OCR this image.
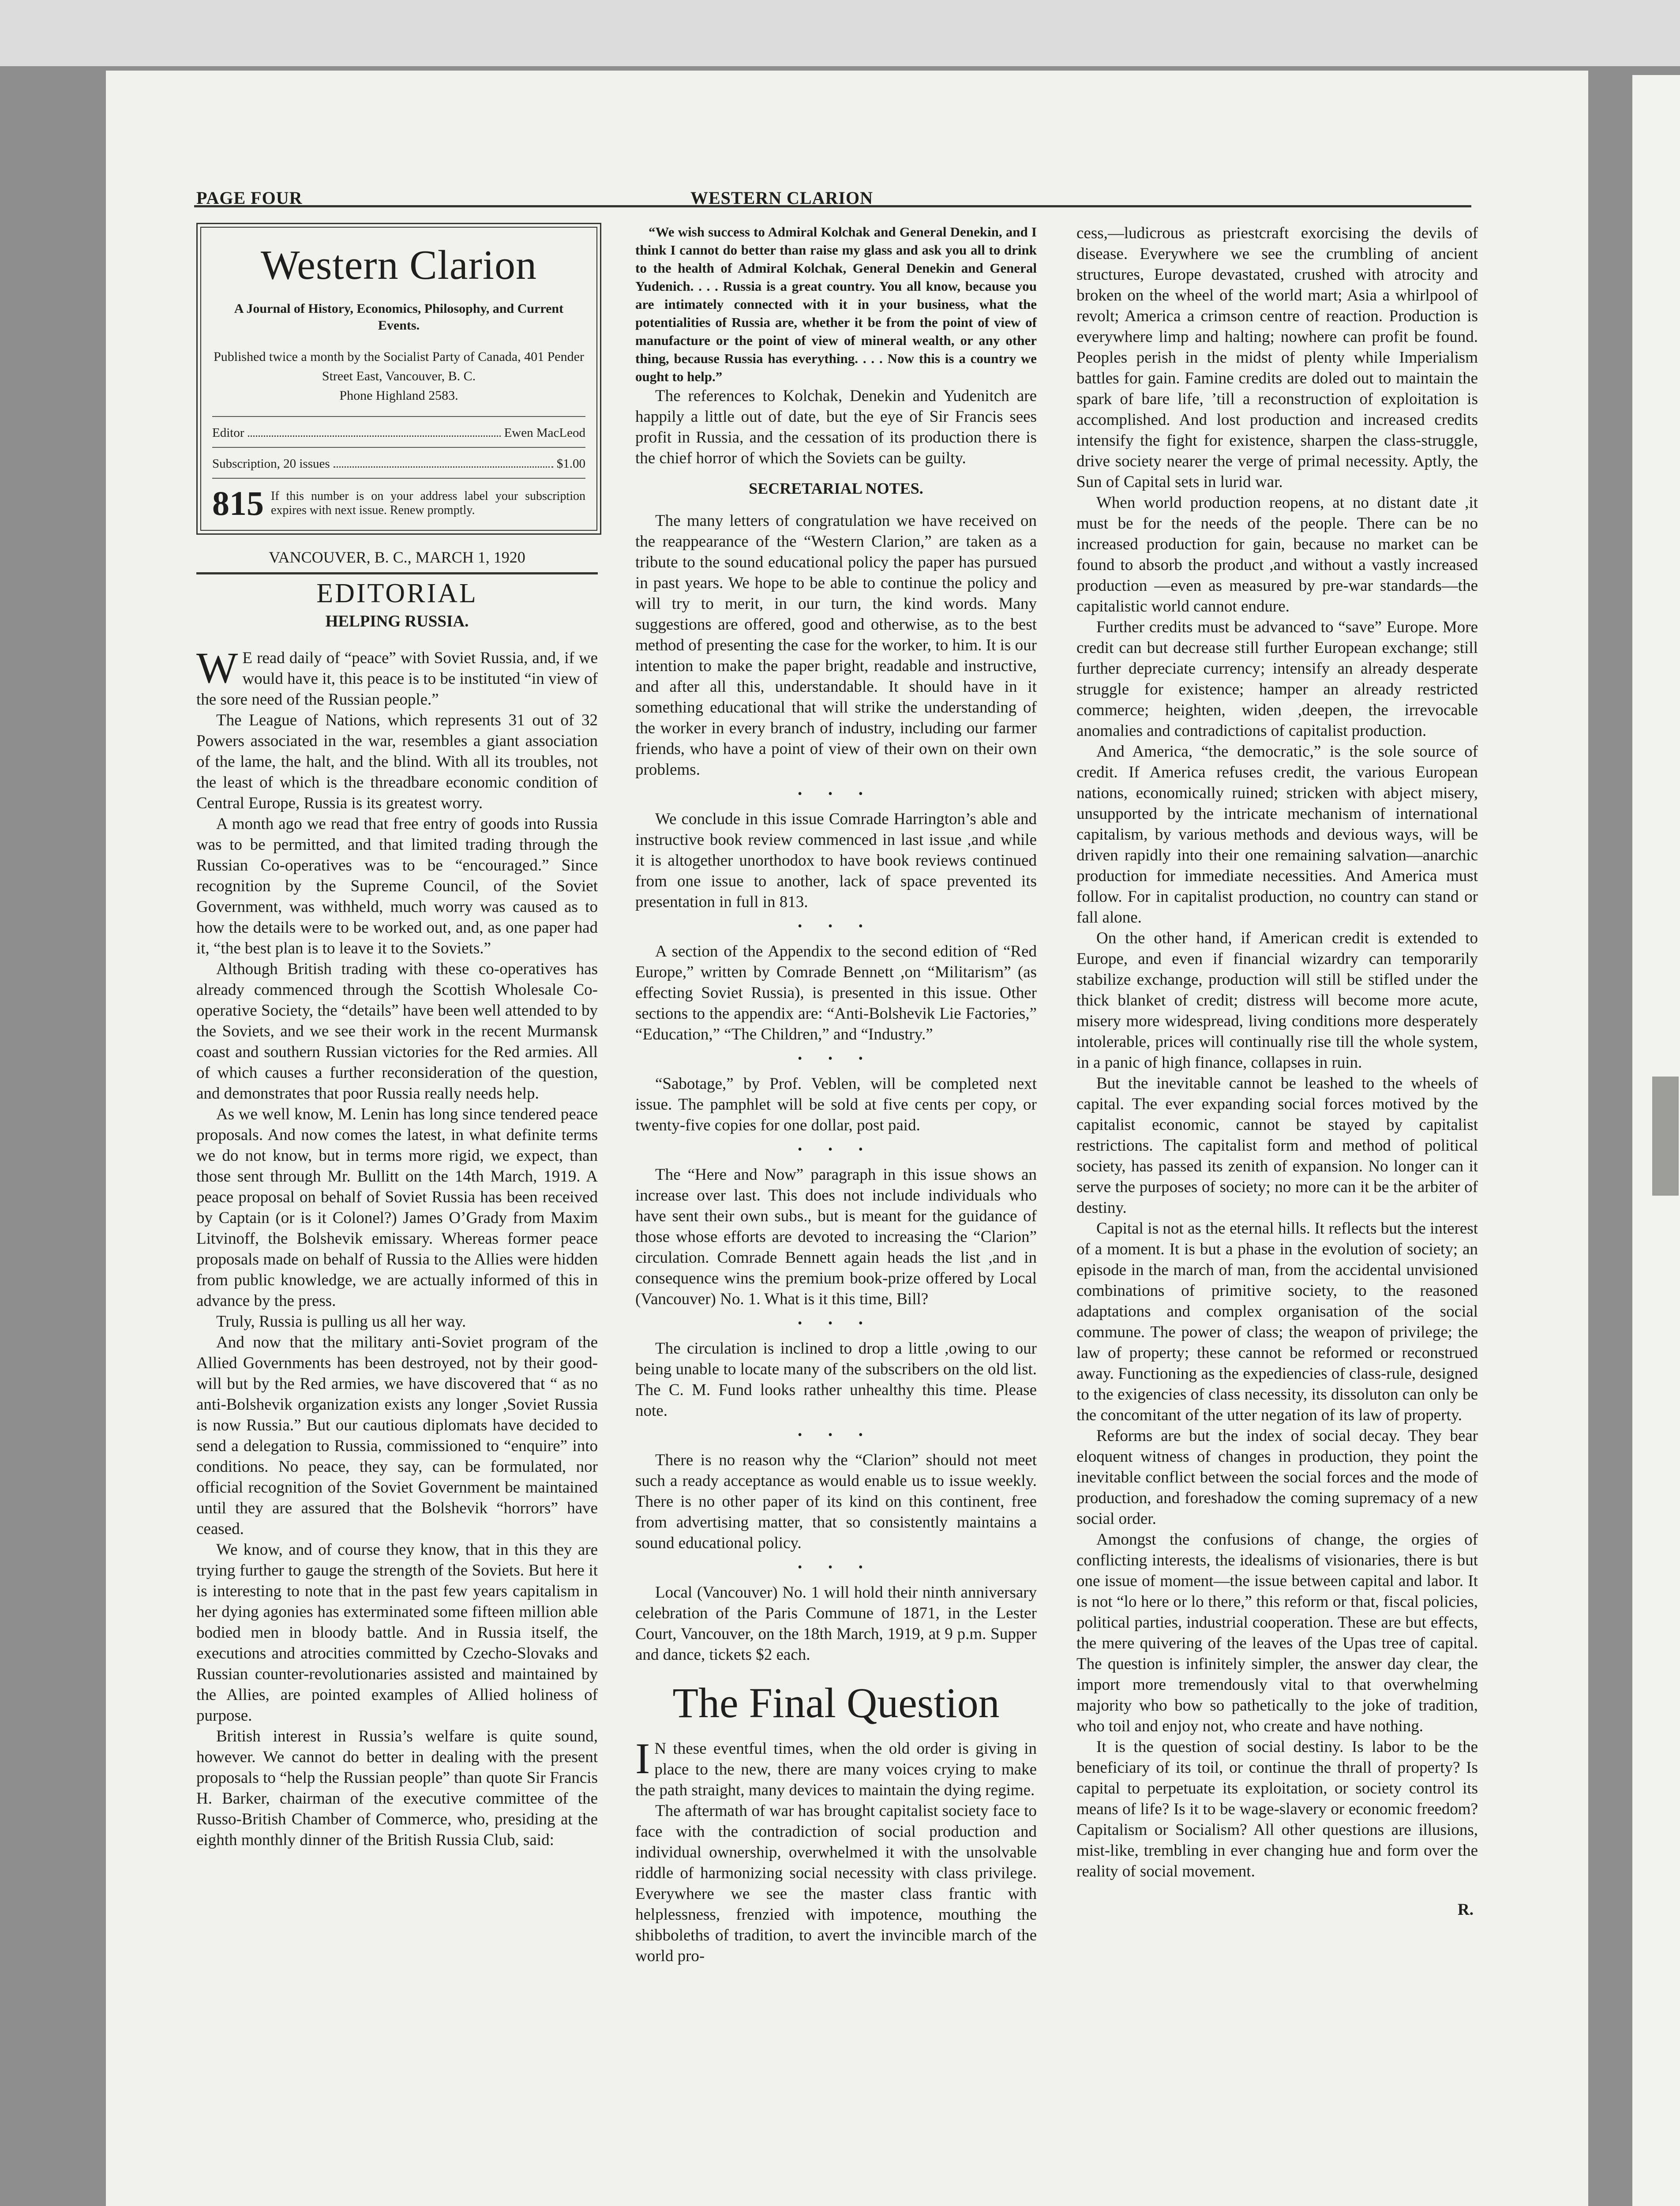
PAGE FOUR	WESTERN CLARION
Western Clarion
A Journal of History, Economics, Philosophy, and Current Events.
Published twice a month by the Socialist Party of Canada, 401 Pender Street East, Vancouver, B. C.
Phone Highland 2583.
Editor	Ewen MacLeod
Subscription, 20 issues	$1.00
815 If this number is on your address label your subscription expires with next issue. Renew promptly.
VANCOUVER, B. C., MARCH 1, 1920
EDITORIAL
HELPING RUSSIA.

W E read daily of “peace” with Soviet Russia, and, if we would have it, this peace is to be instituted “in view of the sore need of the Russian people.”

The League of Nations, which represents 31 out of 32 Powers associated in the war, resembles a giant association of the lame, the halt, and the blind. With all its troubles, not the least of which is the threadbare economic condition of Central Europe, Russia is its greatest worry.

A month ago we read that free entry of goods into Russia was to be permitted, and that limited trading through the Russian Co-operatives was to be “encouraged.” Since recognition by the Supreme Council, of the Soviet Government, was withheld, much worry was caused as to how the details were to be worked out, and, as one paper had it, “the best plan is to leave it to the Soviets.”

Although British trading with these co-operatives has already commenced through the Scottish Wholesale Co-operative Society, the “details” have been well attended to by the Soviets, and we see their work in the recent Murmansk coast and southern Russian victories for the Red armies. All of which causes a further reconsideration of the question, and demonstrates that poor Russia really needs help.

As we well know, M. Lenin has long since tendered peace proposals. And now comes the latest, in what definite terms we do not know, but in terms more rigid, we expect, than those sent through Mr. Bullitt on the 14th March, 1919. A peace proposal on behalf of Soviet Russia has been received by Captain (or is it Colonel?) James O’Grady from Maxim Litvinoff, the Bolshevik emissary. Whereas former peace proposals made on behalf of Russia to the Allies were hidden from public knowledge, we are actually informed of this in advance by the press.

Truly, Russia is pulling us all her way.

And now that the military anti-Soviet program of the Allied Governments has been destroyed, not by their good-will but by the Red armies, we have discovered that “ as no anti-Bolshevik organization exists any longer ,Soviet Russia is now Russia.” But our cautious diplomats have decided to send a delegation to Russia, commissioned to “enquire” into conditions. No peace, they say, can be formulated, nor official recognition of the Soviet Government be maintained until they are assured that the Bolshevik “horrors” have ceased.

We know, and of course they know, that in this they are trying further to gauge the strength of the Soviets. But here it is interesting to note that in the past few years capitalism in her dying agonies has exterminated some fifteen million able bodied men in bloody battle. And in Russia itself, the executions and atrocities committed by Czecho-Slovaks and Russian counter-revolutionaries assisted and maintained by the Allies, are pointed examples of Allied holiness of purpose.

British interest in Russia’s welfare is quite sound, however. We cannot do better in dealing with the present proposals to “help the Russian people” than quote Sir Francis H. Barker, chairman of the executive committee of the Russo-British Chamber of Commerce, who, presiding at the eighth monthly dinner of the British Russia Club, said:

“We wish success to Admiral Kolchak and General Denekin, and I think I cannot do better than raise my glass and ask you all to drink to the health of Admiral Kolchak, General Denekin and General Yudenich. . . . Russia is a great country. You all know, because you are intimately connected with it in your business, what the potentialities of Russia are, whether it be from the point of view of manufacture or the point of view of mineral wealth, or any other thing, because Russia has everything. . . . Now this is a country we ought to help.”

The references to Kolchak, Denekin and Yudenitch are happily a little out of date, but the eye of Sir Francis sees profit in Russia, and the cessation of its production there is the chief horror of which the Soviets can be guilty.

SECRETARIAL NOTES.

The many letters of congratulation we have received on the reappearance of the “Western Clarion,” are taken as a tribute to the sound educational policy the paper has pursued in past years. We hope to be able to continue the policy and will try to merit, in our turn, the kind words. Many suggestions are offered, good and otherwise, as to the best method of presenting the case for the worker, to him. It is our intention to make the paper bright, readable and instructive, and after all this, understandable. It should have in it something educational that will strike the understanding of the worker in every branch of industry, including our farmer friends, who have a point of view of their own on their own problems.

• • •

We conclude in this issue Comrade Harrington’s able and instructive book review commenced in last issue ,and while it is altogether unorthodox to have book reviews continued from one issue to another, lack of space prevented its presentation in full in 813.

• • •

A section of the Appendix to the second edition of “Red Europe,” written by Comrade Bennett ,on “Militarism” (as effecting Soviet Russia), is presented in this issue. Other sections to the appendix are: “Anti-Bolshevik Lie Factories,” “Education,” “The Children,” and “Industry.”

• • •

“Sabotage,” by Prof. Veblen, will be completed next issue. The pamphlet will be sold at five cents per copy, or twenty-five copies for one dollar, post paid.

• • •

The “Here and Now” paragraph in this issue shows an increase over last. This does not include individuals who have sent their own subs., but is meant for the guidance of those whose efforts are devoted to increasing the “Clarion” circulation. Comrade Bennett again heads the list ,and in consequence wins the premium book-prize offered by Local (Vancouver) No. 1. What is it this time, Bill?

• • •

The circulation is inclined to drop a little ,owing to our being unable to locate many of the subscribers on the old list. The C. M. Fund looks rather unhealthy this time. Please note.

• • •

There is no reason why the “Clarion” should not meet such a ready acceptance as would enable us to issue weekly. There is no other paper of its kind on this continent, free from advertising matter, that so consistently maintains a sound educational policy.

• • •

Local (Vancouver) No. 1 will hold their ninth anniversary celebration of the Paris Commune of 1871, in the Lester Court, Vancouver, on the 18th March, 1919, at 9 p.m. Supper and dance, tickets $2 each.

The Final Question

I N these eventful times, when the old order is giving in place to the new, there are many voices crying to make the path straight, many devices to maintain the dying regime.

The aftermath of war has brought capitalist society face to face with the contradiction of social production and individual ownership, overwhelmed it with the unsolvable riddle of harmonizing social necessity with class privilege. Everywhere we see the master class frantic with helplessness, frenzied with impotence, mouthing the shibboleths of tradition, to avert the invincible march of the world pro-

cess,—ludicrous as priestcraft exorcising the devils of disease. Everywhere we see the crumbling of ancient structures, Europe devastated, crushed with atrocity and broken on the wheel of the world mart; Asia a whirlpool of revolt; America a crimson centre of reaction. Production is everywhere limp and halting; nowhere can profit be found. Peoples perish in the midst of plenty while Imperialism battles for gain. Famine credits are doled out to maintain the spark of bare life, ’till a reconstruction of exploitation is accomplished. And lost production and increased credits intensify the fight for existence, sharpen the class-struggle, drive society nearer the verge of primal necessity. Aptly, the Sun of Capital sets in lurid war.

When world production reopens, at no distant date ,it must be for the needs of the people. There can be no increased production for gain, because no market can be found to absorb the product ,and without a vastly increased production —even as measured by pre-war standards—the capitalistic world cannot endure.

Further credits must be advanced to “save” Europe. More credit can but decrease still further European exchange; still further depreciate currency; intensify an already desperate struggle for existence; hamper an already restricted commerce; heighten, widen ,deepen, the irrevocable anomalies and contradictions of capitalist production.

And America, “the democratic,” is the sole source of credit. If America refuses credit, the various European nations, economically ruined; stricken with abject misery, unsupported by the intricate mechanism of international capitalism, by various methods and devious ways, will be driven rapidly into their one remaining salvation—anarchic production for immediate necessities. And America must follow. For in capitalist production, no country can stand or fall alone.

On the other hand, if American credit is extended to Europe, and even if financial wizardry can temporarily stabilize exchange, production will still be stifled under the thick blanket of credit; distress will become more acute, misery more widespread, living conditions more desperately intolerable, prices will continually rise till the whole system, in a panic of high finance, collapses in ruin.

But the inevitable cannot be leashed to the wheels of capital. The ever expanding social forces motived by the capitalist economic, cannot be stayed by capitalist restrictions. The capitalist form and method of political society, has passed its zenith of expansion. No longer can it serve the purposes of society; no more can it be the arbiter of destiny.

Capital is not as the eternal hills. It reflects but the interest of a moment. It is but a phase in the evolution of society; an episode in the march of man, from the accidental unvisioned combinations of primitive society, to the reasoned adaptations and complex organisation of the social commune. The power of class; the weapon of privilege; the law of property; these cannot be reformed or reconstrued away. Functioning as the expediencies of class-rule, designed to the exigencies of class necessity, its dissoluton can only be the concomitant of the utter negation of its law of property.

Reforms are but the index of social decay. They bear eloquent witness of changes in production, they point the inevitable conflict between the social forces and the mode of production, and foreshadow the coming supremacy of a new social order.

Amongst the confusions of change, the orgies of conflicting interests, the idealisms of visionaries, there is but one issue of moment—the issue between capital and labor. It is not “lo here or lo there,” this reform or that, fiscal policies, political parties, industrial cooperation. These are but effects, the mere quivering of the leaves of the Upas tree of capital. The question is infinitely simpler, the answer day clear, the import more tremendously vital to that overwhelming majority who bow so pathetically to the joke of tradition, who toil and enjoy not, who create and have nothing.

It is the question of social destiny. Is labor to be the beneficiary of its toil, or continue the thrall of property? Is capital to perpetuate its exploitation, or society control its means of life? Is it to be wage-slavery or economic freedom? Capitalism or Socialism? All other questions are illusions, mist-like, trembling in ever changing hue and form over the reality of social movement.

R.
